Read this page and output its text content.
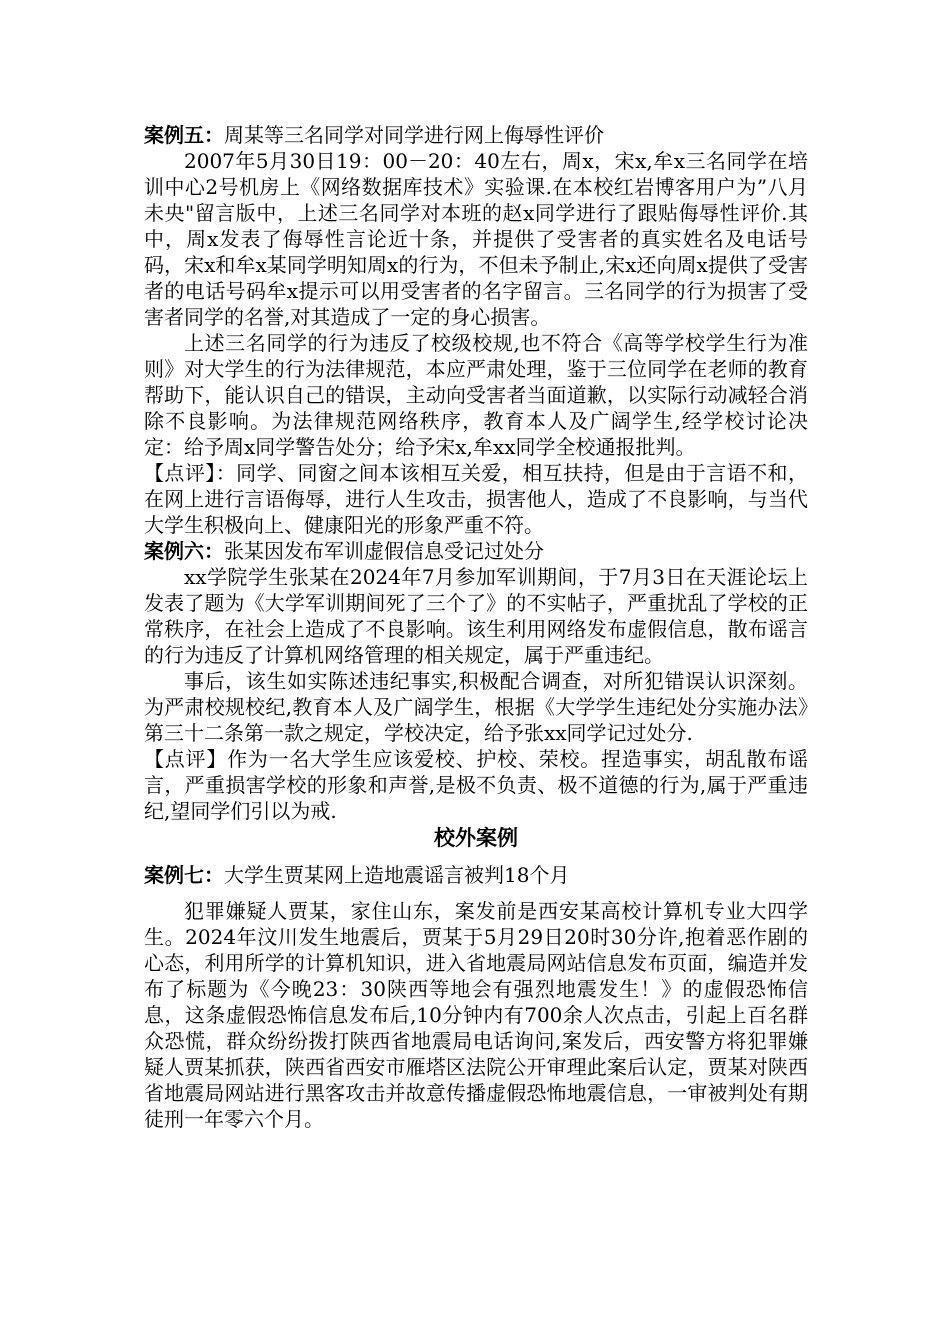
案例五：周某等三名同学对同学进行网上侮辱性评价

2007年5月30日19：00－20：40左右，周x，宋x,牟x三名同学在培训中心2号机房上《网络数据库技术》实验课.在本校红岩博客用户为”八月未央"留言版中，上述三名同学对本班的赵x同学进行了跟贴侮辱性评价.其中，周x发表了侮辱性言论近十条，并提供了受害者的真实姓名及电话号码，宋x和牟x某同学明知周x的行为，不但未予制止,宋x还向周x提供了受害者的电话号码牟x提示可以用受害者的名字留言。三名同学的行为损害了受害者同学的名誉,对其造成了一定的身心损害。

上述三名同学的行为违反了校级校规,也不符合《高等学校学生行为准则》对大学生的行为法律规范，本应严肃处理，鉴于三位同学在老师的教育帮助下，能认识自己的错误，主动向受害者当面道歉，以实际行动减轻合消除不良影响。为法律规范网络秩序，教育本人及广阔学生,经学校讨论决定：给予周x同学警告处分；给予宋x,牟xx同学全校通报批判。

【点评】：同学、同窗之间本该相互关爱，相互扶持，但是由于言语不和，在网上进行言语侮辱，进行人生攻击，损害他人，造成了不良影响，与当代大学生积极向上、健康阳光的形象严重不符。

案例六：张某因发布军训虚假信息受记过处分

xx学院学生张某在2024年7月参加军训期间，于7月3日在天涯论坛上发表了题为《大学军训期间死了三个了》的不实帖子，严重扰乱了学校的正常秩序，在社会上造成了不良影响。该生利用网络发布虚假信息，散布谣言的行为违反了计算机网络管理的相关规定，属于严重违纪。

事后，该生如实陈述违纪事实,积极配合调查，对所犯错误认识深刻。为严肃校规校纪,教育本人及广阔学生，根据《大学学生违纪处分实施办法》第三十二条第一款之规定，学校决定，给予张xx同学记过处分.

【点评】作为一名大学生应该爱校、护校、荣校。捏造事实，胡乱散布谣言，严重损害学校的形象和声誉,是极不负责、极不道德的行为,属于严重违纪,望同学们引以为戒.

校外案例

案例七：大学生贾某网上造地震谣言被判18个月

犯罪嫌疑人贾某，家住山东，案发前是西安某高校计算机专业大四学生。2024年汶川发生地震后，贾某于5月29日20时30分许,抱着恶作剧的心态，利用所学的计算机知识，进入省地震局网站信息发布页面，编造并发布了标题为《今晚23：30陕西等地会有强烈地震发生！》的虚假恐怖信息，这条虚假恐怖信息发布后,10分钟内有700余人次点击，引起上百名群众恐慌，群众纷纷拨打陕西省地震局电话询问,案发后，西安警方将犯罪嫌疑人贾某抓获，陕西省西安市雁塔区法院公开审理此案后认定，贾某对陕西省地震局网站进行黑客攻击并故意传播虚假恐怖地震信息，一审被判处有期徒刑一年零六个月。
